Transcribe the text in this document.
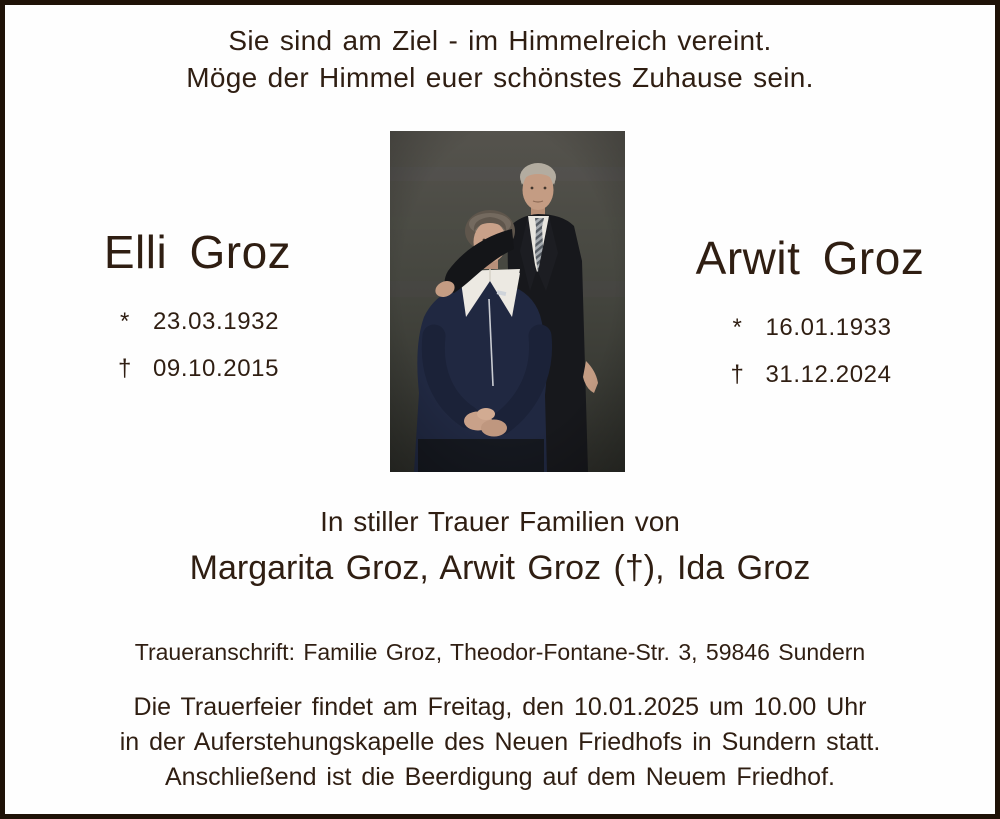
Sie sind am Ziel - im Himmelreich vereint.
Möge der Himmel euer schönstes Zuhause sein.
Elli Groz
* 23.03.1932
† 09.10.2015
Arwit Groz
* 16.01.1933
† 31.12.2024
In stiller Trauer Familien von
Margarita Groz, Arwit Groz (†), Ida Groz
Traueranschrift: Familie Groz, Theodor-Fontane-Str. 3, 59846 Sundern
Die Trauerfeier findet am Freitag, den 10.01.2025 um 10.00 Uhr
in der Auferstehungskapelle des Neuen Friedhofs in Sundern statt.
Anschließend ist die Beerdigung auf dem Neuem Friedhof.
